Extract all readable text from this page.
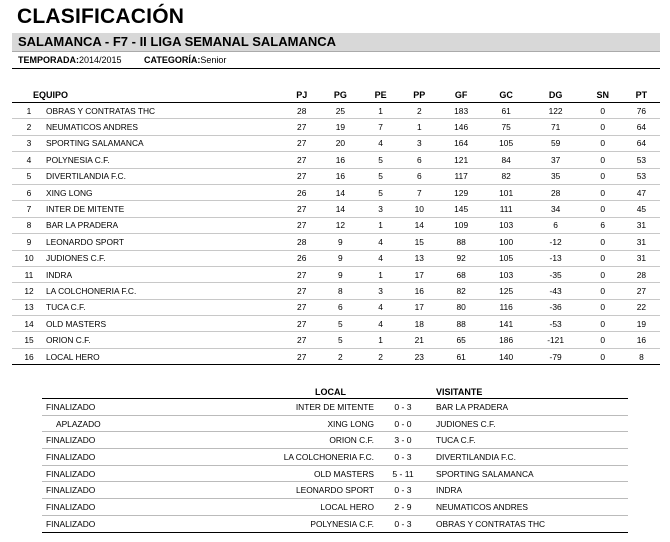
CLASIFICACIÓN
SALAMANCA - F7 - II LIGA SEMANAL SALAMANCA
TEMPORADA:2014/2015 CATEGORÍA:Senior
EQUIPO		PJ	PG	PE	PP	GF	GC	DG	SN	PT
1	OBRAS Y CONTRATAS THC	28	25	1	2	183	61	122	0	76
2	NEUMATICOS ANDRES	27	19	7	1	146	75	71	0	64
3	SPORTING SALAMANCA	27	20	4	3	164	105	59	0	64
4	POLYNESIA C.F.	27	16	5	6	121	84	37	0	53
5	DIVERTILANDIA F.C.	27	16	5	6	117	82	35	0	53
6	XING LONG	26	14	5	7	129	101	28	0	47
7	INTER DE MITENTE	27	14	3	10	145	111	34	0	45
8	BAR LA PRADERA	27	12	1	14	109	103	6	6	31
9	LEONARDO SPORT	28	9	4	15	88	100	-12	0	31
10	JUDIONES C.F.	26	9	4	13	92	105	-13	0	31
11	INDRA	27	9	1	17	68	103	-35	0	28
12	LA COLCHONERIA F.C.	27	8	3	16	82	125	-43	0	27
13	TUCA C.F.	27	6	4	17	80	116	-36	0	22
14	OLD MASTERS	27	5	4	18	88	141	-53	0	19
15	ORION C.F.	27	5	1	21	65	186	-121	0	16
16	LOCAL HERO	27	2	2	23	61	140	-79	0	8
	LOCAL		VISITANTE
FINALIZADO	INTER DE MITENTE	0 - 3	BAR LA PRADERA
APLAZADO	XING LONG	0 - 0	JUDIONES C.F.
FINALIZADO	ORION C.F.	3 - 0	TUCA C.F.
FINALIZADO	LA COLCHONERIA F.C.	0 - 3	DIVERTILANDIA F.C.
FINALIZADO	OLD MASTERS	5 - 11	SPORTING SALAMANCA
FINALIZADO	LEONARDO SPORT	0 - 3	INDRA
FINALIZADO	LOCAL HERO	2 - 9	NEUMATICOS ANDRES
FINALIZADO	POLYNESIA C.F.	0 - 3	OBRAS Y CONTRATAS THC
